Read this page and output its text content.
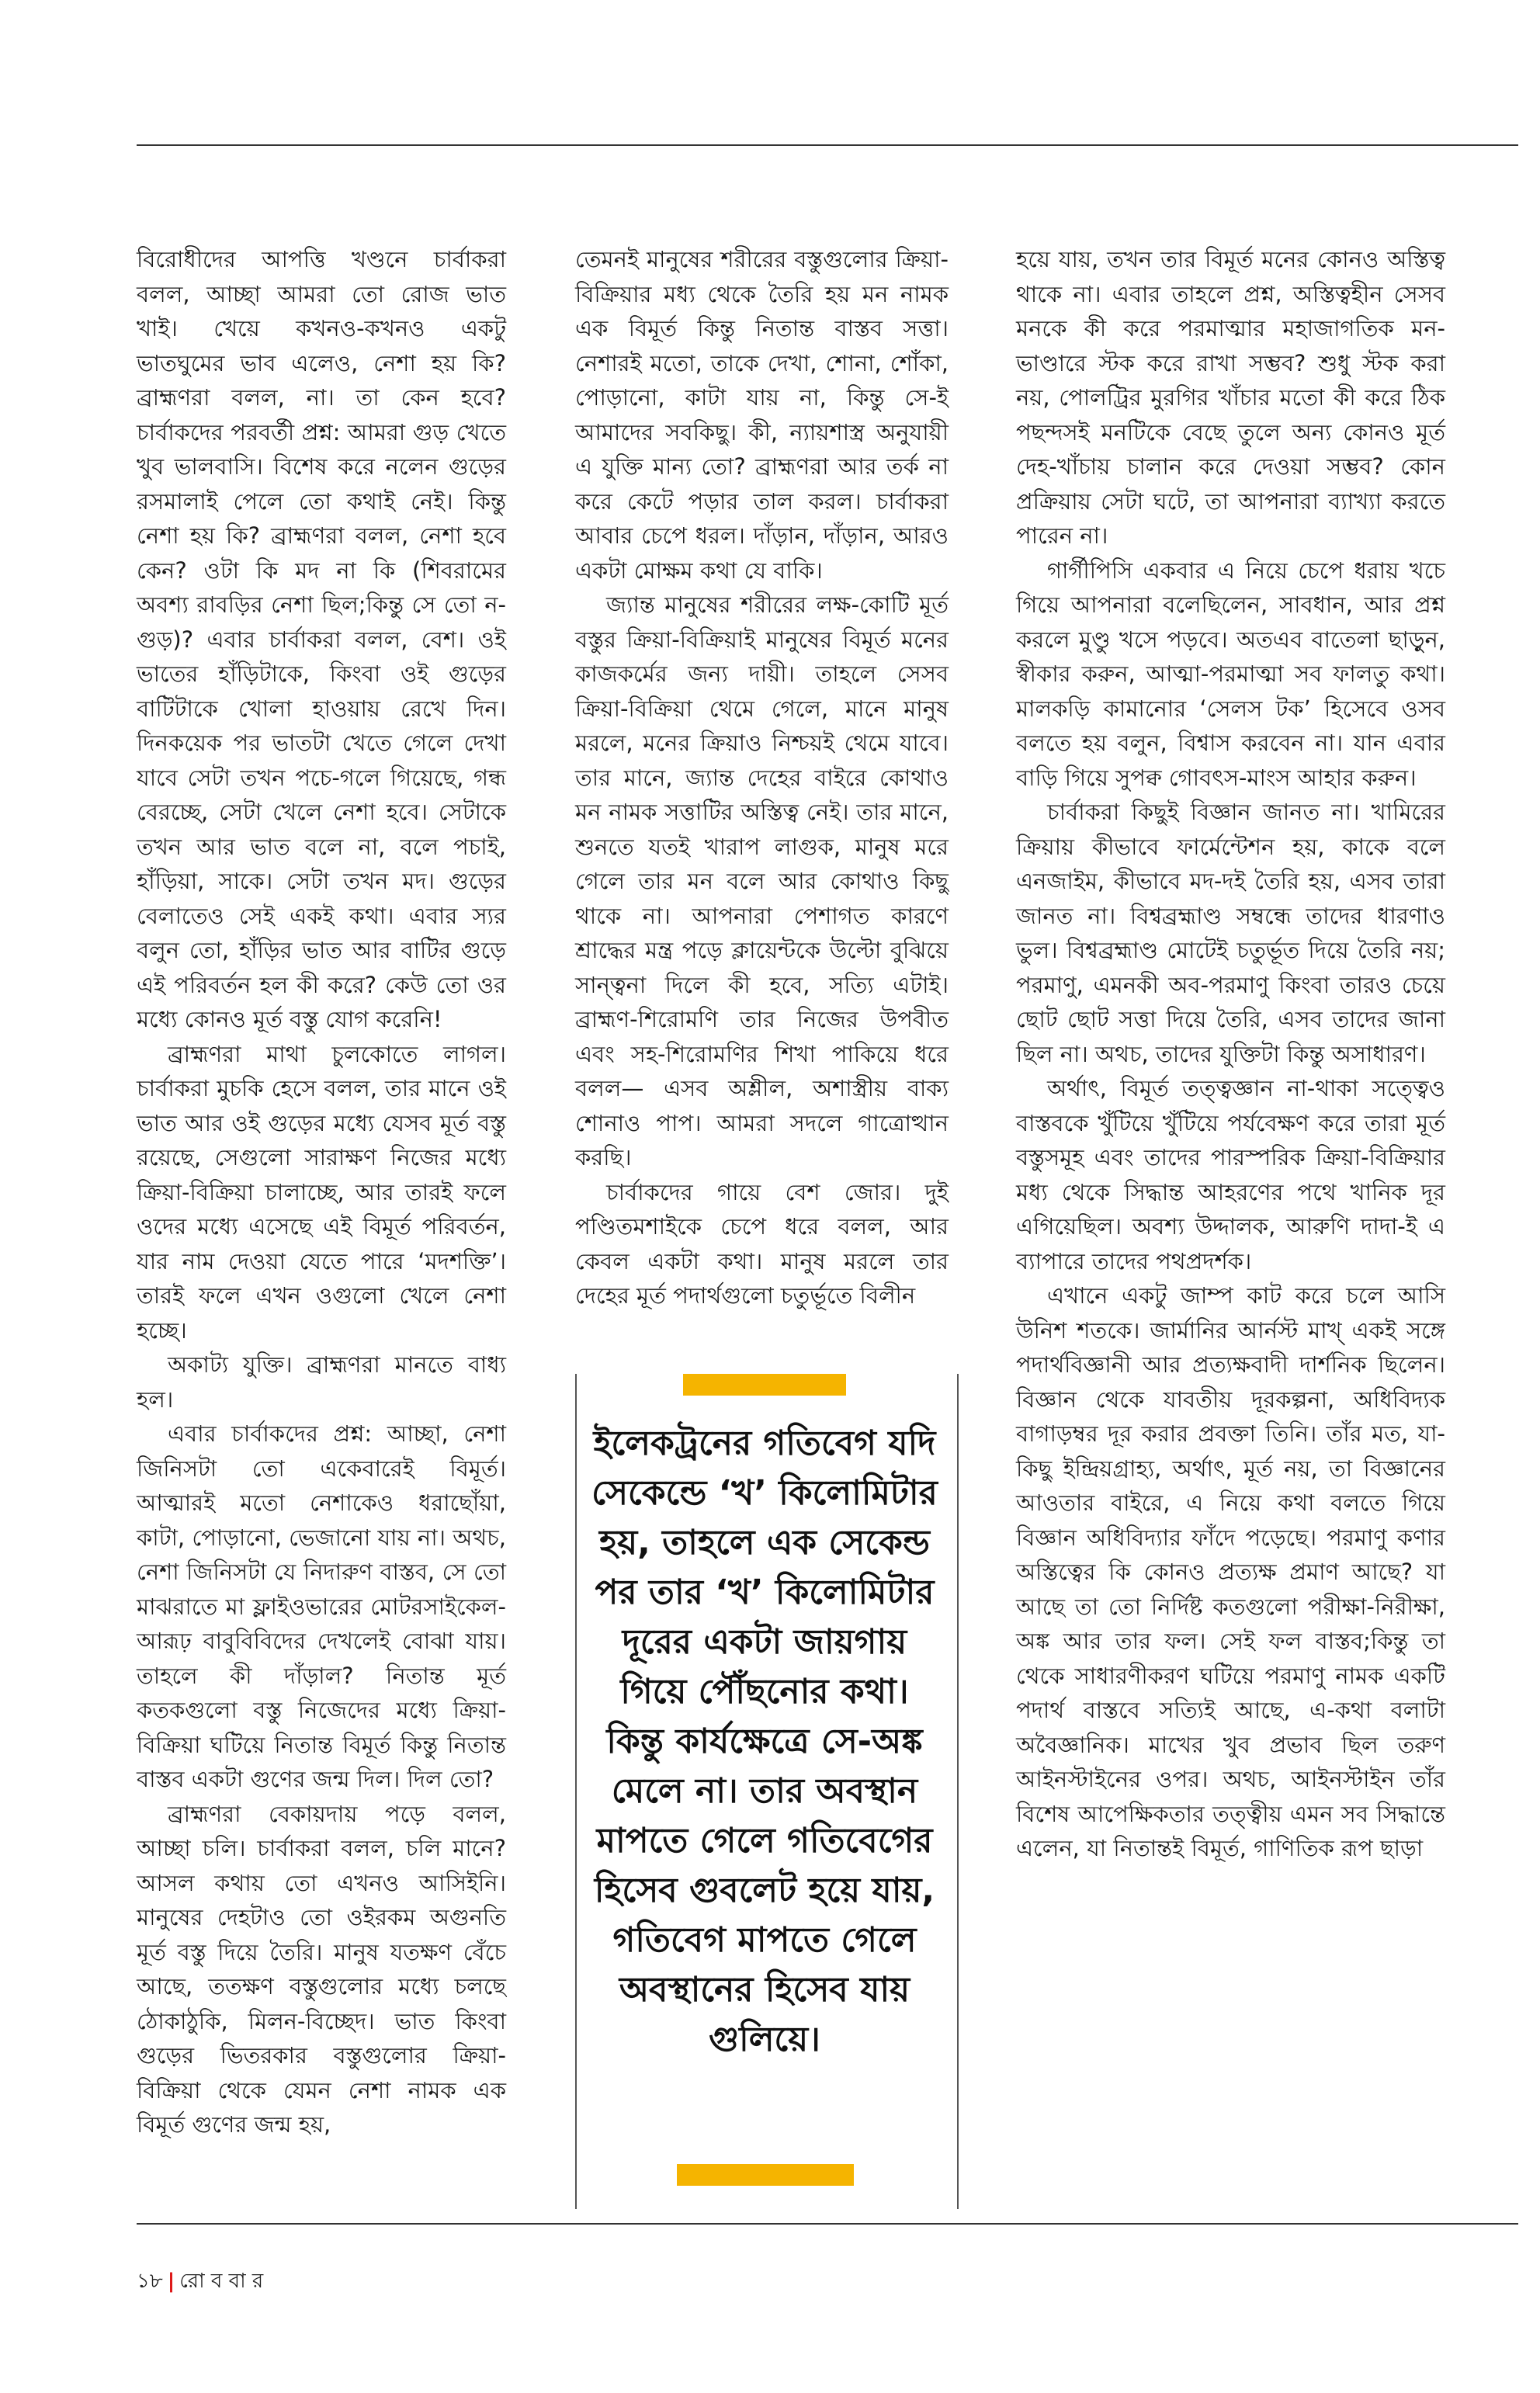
বিরোধীদের আপত্তি খণ্ডনে চার্বাকরা বলল, আচ্ছা আমরা তো রোজ ভাত খাই। খেয়ে কখনও-কখনও একটু ভাতঘুমের ভাব এলেও, নেশা হয় কি? ব্রাহ্মণরা বলল, না। তা কেন হবে? চার্বাকদের পরবর্তী প্রশ্ন: আমরা গুড় খেতে খুব ভালবাসি। বিশেষ করে নলেন গুড়ের রসমালাই পেলে তো কথাই নেই। কিন্তু নেশা হয় কি? ব্রাহ্মণরা বলল, নেশা হবে কেন? ওটা কি মদ না কি (শিবরামের অবশ্য রাবড়ির নেশা ছিল;কিন্তু সে তো ন-গুড়)? এবার চার্বাকরা বলল, বেশ। ওই ভাতের হাঁড়িটাকে, কিংবা ওই গুড়ের বাটিটাকে খোলা হাওয়ায় রেখে দিন। দিনকয়েক পর ভাতটা খেতে গেলে দেখা যাবে সেটা তখন পচে-গলে গিয়েছে, গন্ধ বেরচ্ছে, সেটা খেলে নেশা হবে। সেটাকে তখন আর ভাত বলে না, বলে পচাই, হাঁড়িয়া, সাকে। সেটা তখন মদ। গুড়ের বেলাতেও সেই একই কথা। এবার স্যর বলুন তো, হাঁড়ির ভাত আর বাটির গুড়ে এই পরিবর্তন হল কী করে? কেউ তো ওর মধ্যে কোনও মূর্ত বস্তু যোগ করেনি!

ব্রাহ্মণরা মাথা চুলকোতে লাগল। চার্বাকরা মুচকি হেসে বলল, তার মানে ওই ভাত আর ওই গুড়ের মধ্যে যেসব মূর্ত বস্তু রয়েছে, সেগুলো সারাক্ষণ নিজের মধ্যে ক্রিয়া-বিক্রিয়া চালাচ্ছে, আর তারই ফলে ওদের মধ্যে এসেছে এই বিমূর্ত পরিবর্তন, যার নাম দেওয়া যেতে পারে ‘মদশক্তি’। তারই ফলে এখন ওগুলো খেলে নেশা হচ্ছে।

অকাট্য যুক্তি। ব্রাহ্মণরা মানতে বাধ্য হল।

এবার চার্বাকদের প্রশ্ন: আচ্ছা, নেশা জিনিসটা তো একেবারেই বিমূর্ত। আত্মারই মতো নেশাকেও ধরাছোঁয়া, কাটা, পোড়ানো, ভেজানো যায় না। অথচ, নেশা জিনিসটা যে নিদারুণ বাস্তব, সে তো মাঝরাতে মা ফ্লাইওভারের মোটরসাইকেল-আরূঢ় বাবুবিবিদের দেখলেই বোঝা যায়। তাহলে কী দাঁড়াল? নিতান্ত মূর্ত কতকগুলো বস্তু নিজেদের মধ্যে ক্রিয়া-বিক্রিয়া ঘটিয়ে নিতান্ত বিমূর্ত কিন্তু নিতান্ত বাস্তব একটা গুণের জন্ম দিল। দিল তো?

ব্রাহ্মণরা বেকায়দায় পড়ে বলল, আচ্ছা চলি। চার্বাকরা বলল, চলি মানে? আসল কথায় তো এখনও আসিইনি। মানুষের দেহটাও তো ওইরকম অগুনতি মূর্ত বস্তু দিয়ে তৈরি। মানুষ যতক্ষণ বেঁচে আছে, ততক্ষণ বস্তুগুলোর মধ্যে চলছে ঠোকাঠুকি, মিলন-বিচ্ছেদ। ভাত কিংবা গুড়ের ভিতরকার বস্তুগুলোর ক্রিয়া-বিক্রিয়া থেকে যেমন নেশা নামক এক বিমূর্ত গুণের জন্ম হয়,

তেমনই মানুষের শরীরের বস্তুগুলোর ক্রিয়া-বিক্রিয়ার মধ্য থেকে তৈরি হয় মন নামক এক বিমূর্ত কিন্তু নিতান্ত বাস্তব সত্তা। নেশারই মতো, তাকে দেখা, শোনা, শোঁকা, পোড়ানো, কাটা যায় না, কিন্তু সে-ই আমাদের সবকিছু। কী, ন্যায়শাস্ত্র অনুযায়ী এ যুক্তি মান্য তো? ব্রাহ্মণরা আর তর্ক না করে কেটে পড়ার তাল করল। চার্বাকরা আবার চেপে ধরল। দাঁড়ান, দাঁড়ান, আরও একটা মোক্ষম কথা যে বাকি।

জ্যান্ত মানুষের শরীরের লক্ষ-কোটি মূর্ত বস্তুর ক্রিয়া-বিক্রিয়াই মানুষের বিমূর্ত মনের কাজকর্মের জন্য দায়ী। তাহলে সেসব ক্রিয়া-বিক্রিয়া থেমে গেলে, মানে মানুষ মরলে, মনের ক্রিয়াও নিশ্চয়ই থেমে যাবে। তার মানে, জ্যান্ত দেহের বাইরে কোথাও মন নামক সত্তাটির অস্তিত্ব নেই। তার মানে, শুনতে যতই খারাপ লাগুক, মানুষ মরে গেলে তার মন বলে আর কোথাও কিছু থাকে না। আপনারা পেশাগত কারণে শ্রাদ্ধের মন্ত্র পড়ে ক্লায়েন্টকে উল্টো বুঝিয়ে সান্ত্বনা দিলে কী হবে, সত্যি এটাই। ব্রাহ্মণ-শিরোমণি তার নিজের উপবীত এবং সহ-শিরোমণির শিখা পাকিয়ে ধরে বলল— এসব অশ্লীল, অশাস্ত্রীয় বাক্য শোনাও পাপ। আমরা সদলে গাত্রোত্থান করছি।

চার্বাকদের গায়ে বেশ জোর। দুই পণ্ডিতমশাইকে চেপে ধরে বলল, আর কেবল একটা কথা। মানুষ মরলে তার দেহের মূর্ত পদার্থগুলো চতুর্ভূতে বিলীন

ইলেকট্রনের গতিবেগ যদি সেকেন্ডে ‘খ’ কিলোমিটার হয়, তাহলে এক সেকেন্ড পর তার ‘খ’ কিলোমিটার দূরের একটা জায়গায় গিয়ে পৌঁছনোর কথা। কিন্তু কার্যক্ষেত্রে সে-অঙ্ক মেলে না। তার অবস্থান মাপতে গেলে গতিবেগের হিসেব গুবলেট হয়ে যায়, গতিবেগ মাপতে গেলে অবস্থানের হিসেব যায় গুলিয়ে।

হয়ে যায়, তখন তার বিমূর্ত মনের কোনও অস্তিত্ব থাকে না। এবার তাহলে প্রশ্ন, অস্তিত্বহীন সেসব মনকে কী করে পরমাত্মার মহাজাগতিক মন-ভাণ্ডারে স্টক করে রাখা সম্ভব? শুধু স্টক করা নয়, পোলট্রির মুরগির খাঁচার মতো কী করে ঠিক পছন্দসই মনটিকে বেছে তুলে অন্য কোনও মূর্ত দেহ-খাঁচায় চালান করে দেওয়া সম্ভব? কোন প্রক্রিয়ায় সেটা ঘটে, তা আপনারা ব্যাখ্যা করতে পারেন না।

গার্গীপিসি একবার এ নিয়ে চেপে ধরায় খচে গিয়ে আপনারা বলেছিলেন, সাবধান, আর প্রশ্ন করলে মুণ্ডু খসে পড়বে। অতএব বাতেলা ছাড়ুন, স্বীকার করুন, আত্মা-পরমাত্মা সব ফালতু কথা। মালকড়ি কামানোর ‘সেলস টক’ হিসেবে ওসব বলতে হয় বলুন, বিশ্বাস করবেন না। যান এবার বাড়ি গিয়ে সুপক্ব গোবৎস-মাংস আহার করুন।

চার্বাকরা কিছুই বিজ্ঞান জানত না। খামিরের ক্রিয়ায় কীভাবে ফার্মেন্টেশন হয়, কাকে বলে এনজাইম, কীভাবে মদ-দই তৈরি হয়, এসব তারা জানত না। বিশ্বব্রহ্মাণ্ড সম্বন্ধে তাদের ধারণাও ভুল। বিশ্বব্রহ্মাণ্ড মোটেই চতুর্ভূত দিয়ে তৈরি নয়; পরমাণু, এমনকী অব-পরমাণু কিংবা তারও চেয়ে ছোট ছোট সত্তা দিয়ে তৈরি, এসব তাদের জানা ছিল না। অথচ, তাদের যুক্তিটা কিন্তু অসাধারণ।

অর্থাৎ, বিমূর্ত তত্ত্বজ্ঞান না-থাকা সত্ত্বেও বাস্তবকে খুঁটিয়ে খুঁটিয়ে পর্যবেক্ষণ করে তারা মূর্ত বস্তুসমূহ এবং তাদের পারস্পরিক ক্রিয়া-বিক্রিয়ার মধ্য থেকে সিদ্ধান্ত আহরণের পথে খানিক দূর এগিয়েছিল। অবশ্য উদ্দালক, আরুণি দাদা-ই এ ব্যাপারে তাদের পথপ্রদর্শক।

এখানে একটু জাম্প কাট করে চলে আসি উনিশ শতকে। জার্মানির আর্নস্ট মাখ্ একই সঙ্গে পদার্থবিজ্ঞানী আর প্রত্যক্ষবাদী দার্শনিক ছিলেন। বিজ্ঞান থেকে যাবতীয় দূরকল্পনা, অধিবিদ্যক বাগাড়ম্বর দূর করার প্রবক্তা তিনি। তাঁর মত, যা-কিছু ইন্দ্রিয়গ্রাহ্য, অর্থাৎ, মূর্ত নয়, তা বিজ্ঞানের আওতার বাইরে, এ নিয়ে কথা বলতে গিয়ে বিজ্ঞান অধিবিদ্যার ফাঁদে পড়েছে। পরমাণু কণার অস্তিত্বের কি কোনও প্রত্যক্ষ প্রমাণ আছে? যা আছে তা তো নির্দিষ্ট কতগুলো পরীক্ষা-নিরীক্ষা, অঙ্ক আর তার ফল। সেই ফল বাস্তব;কিন্তু তা থেকে সাধারণীকরণ ঘটিয়ে পরমাণু নামক একটি পদার্থ বাস্তবে সত্যিই আছে, এ-কথা বলাটা অবৈজ্ঞানিক। মাখের খুব প্রভাব ছিল তরুণ আইনস্টাইনের ওপর। অথচ, আইনস্টাইন তাঁর বিশেষ আপেক্ষিকতার তত্ত্বীয় এমন সব সিদ্ধান্তে এলেন, যা নিতান্তই বিমূর্ত, গাণিতিক রূপ ছাড়া

১৮ | রো ব বা র
